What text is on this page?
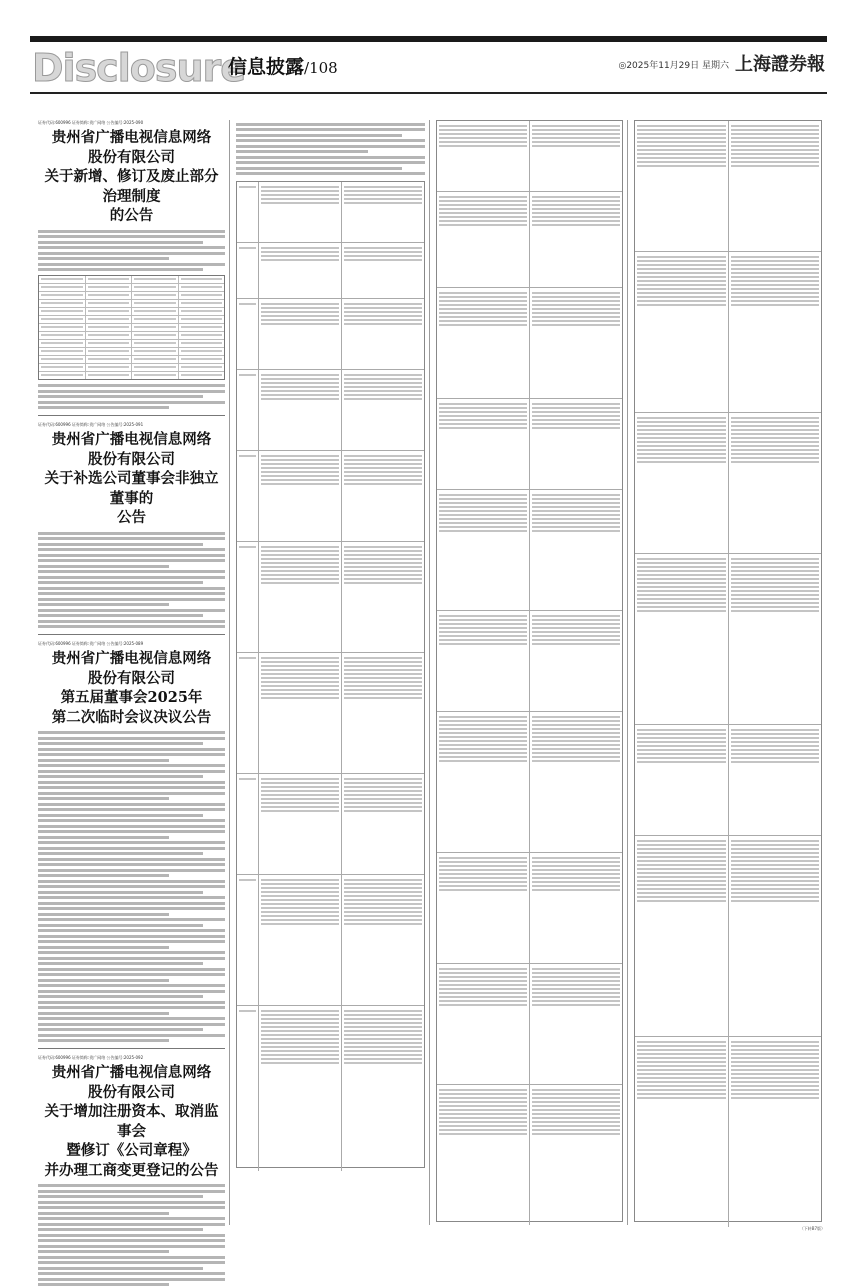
Disclosure
信息披露/108	◎2025年11月29日 星期六 上海證券報
证券代码:600996 证券简称:贵广网络 公告编号:2025-090
贵州省广播电视信息网络
股份有限公司
关于新增、修订及废止部分治理制度
的公告
证券代码:600996 证券简称:贵广网络 公告编号:2025-091
贵州省广播电视信息网络
股份有限公司
关于补选公司董事会非独立董事的
公告
证券代码:600996 证券简称:贵广网络 公告编号:2025-089
贵州省广播电视信息网络
股份有限公司
第五届董事会2025年
第二次临时会议决议公告
证券代码:600996 证券简称:贵广网络 公告编号:2025-092
贵州省广播电视信息网络
股份有限公司
关于增加注册资本、取消监事会
暨修订《公司章程》
并办理工商变更登记的公告
（下转B7版）
